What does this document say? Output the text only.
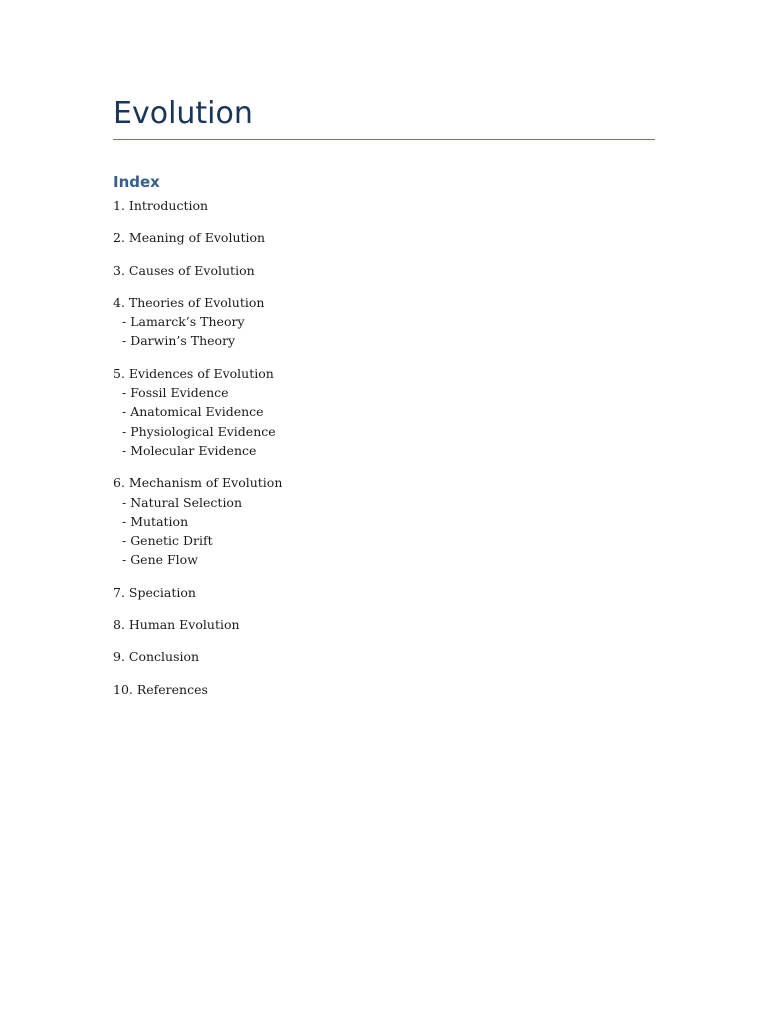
Evolution
Index
1. Introduction
2. Meaning of Evolution
3. Causes of Evolution
4. Theories of Evolution
- Lamarck’s Theory
- Darwin’s Theory
5. Evidences of Evolution
- Fossil Evidence
- Anatomical Evidence
- Physiological Evidence
- Molecular Evidence
6. Mechanism of Evolution
- Natural Selection
- Mutation
- Genetic Drift
- Gene Flow
7. Speciation
8. Human Evolution
9. Conclusion
10. References
